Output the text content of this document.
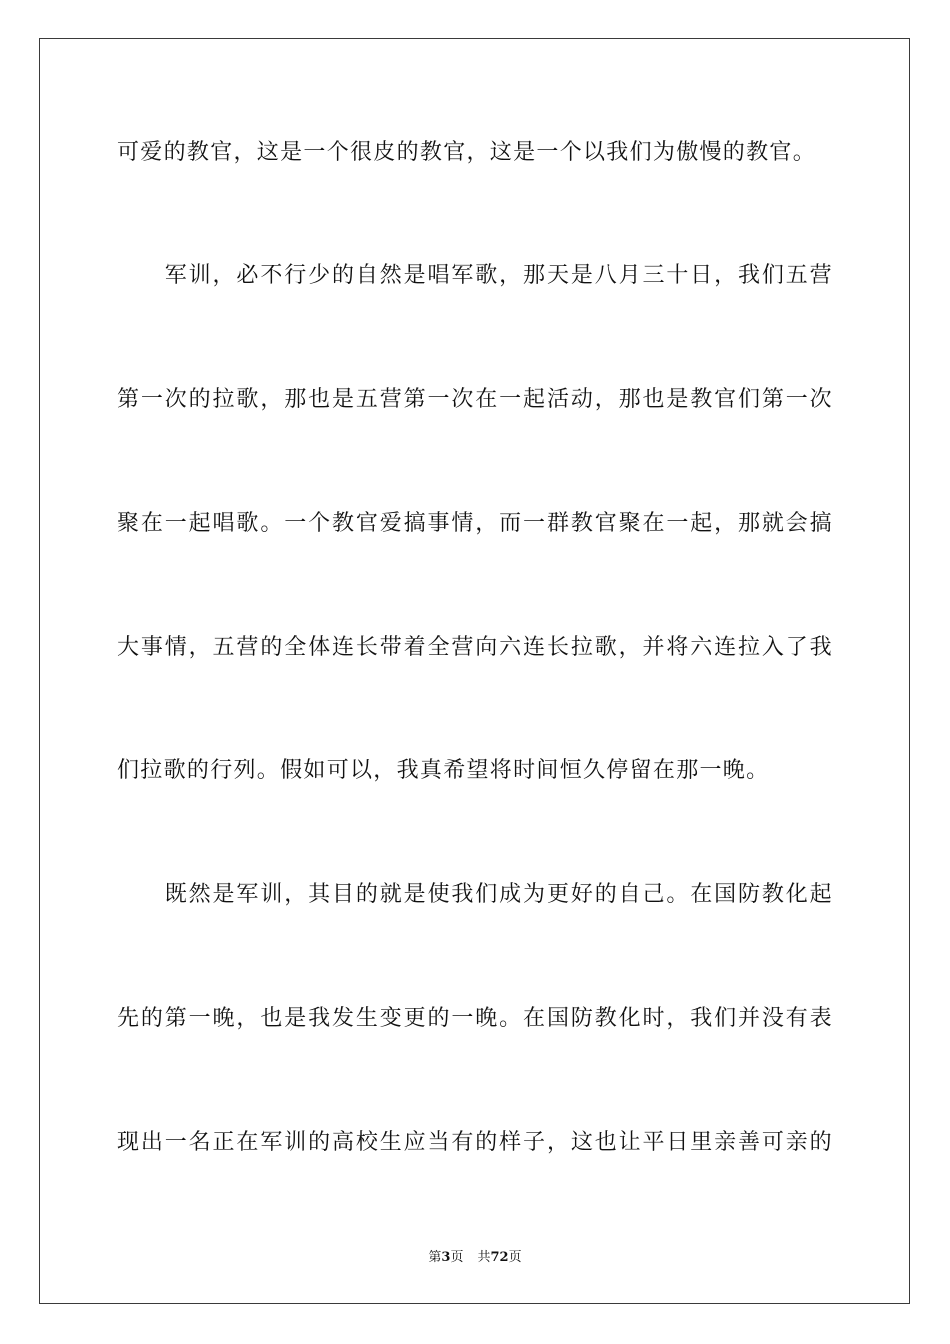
可爱的教官，这是一个很皮的教官，这是一个以我们为傲慢的教官。
　　军训，必不行少的自然是唱军歌，那天是八月三十日，我们五营
第一次的拉歌，那也是五营第一次在一起活动，那也是教官们第一次
聚在一起唱歌。一个教官爱搞事情，而一群教官聚在一起，那就会搞
大事情，五营的全体连长带着全营向六连长拉歌，并将六连拉入了我
们拉歌的行列。假如可以，我真希望将时间恒久停留在那一晚。
　　既然是军训，其目的就是使我们成为更好的自己。在国防教化起
先的第一晚，也是我发生变更的一晚。在国防教化时，我们并没有表
现出一名正在军训的高校生应当有的样子，这也让平日里亲善可亲的
第3页 共72页
